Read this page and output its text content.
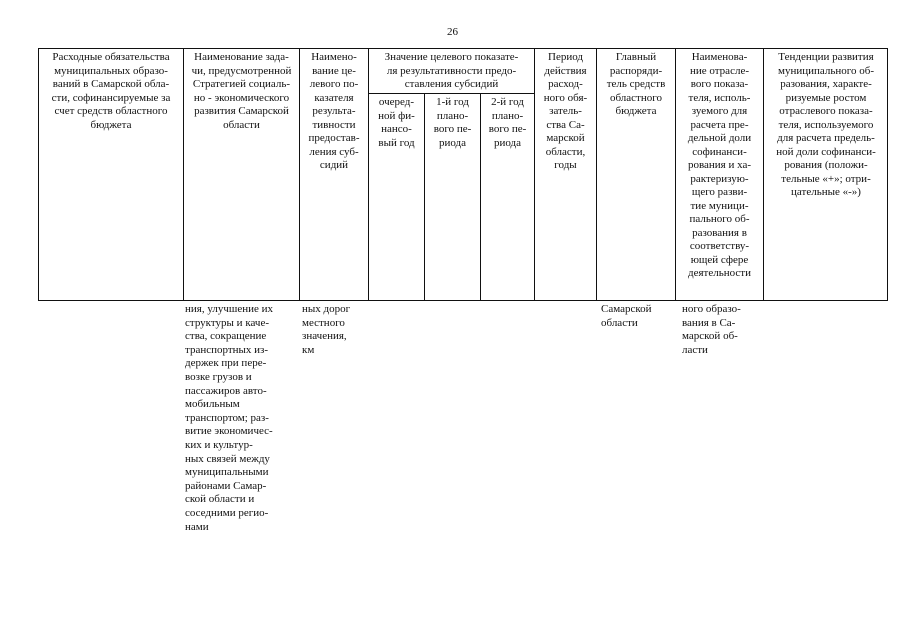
26
Расходные обязательства
муниципальных образо-
ваний в Самарской обла-
сти, софинансируемые за
счет средств областного
бюджета
Наименование зада-
чи, предусмотренной
Стратегией социаль-
но - экономического
развития Самарской
области
Наимено-
вание це-
левого по-
казателя
результа-
тивности
предостав-
ления суб-
сидий
Значение целевого показате-
ля результативности предо-
ставления субсидий
очеред-
ной фи-
нансо-
вый год
1-й год
плано-
вого пе-
риода
2-й год
плано-
вого пе-
риода
Период
действия
расход-
ного обя-
затель-
ства Са-
марской
области,
годы
Главный
распоряди-
тель средств
областного
бюджета
Наименова-
ние отрасле-
вого показа-
теля, исполь-
зуемого для
расчета пре-
дельной доли
софинанси-
рования и ха-
рактеризую-
щего разви-
тие муници-
пального об-
разования в
соответству-
ющей сфере
деятельности
Тенденции развития
муниципального об-
разования, характе-
ризуемые ростом
отраслевого показа-
теля, используемого
для расчета предель-
ной доли софинанси-
рования (положи-
тельные «+»; отри-
цательные «-»)
ния, улучшение их
структуры и каче-
ства, сокращение
транспортных из-
держек при пере-
возке грузов и
пассажиров авто-
мобильным
транспортом; раз-
витие экономичес-
ких и культур-
ных связей между
муниципальными
районами Самар-
ской области и
соседними регио-
нами
ных дорог
местного
значения,
км
Самарской
области
ного образо-
вания в Са-
марской об-
ласти
